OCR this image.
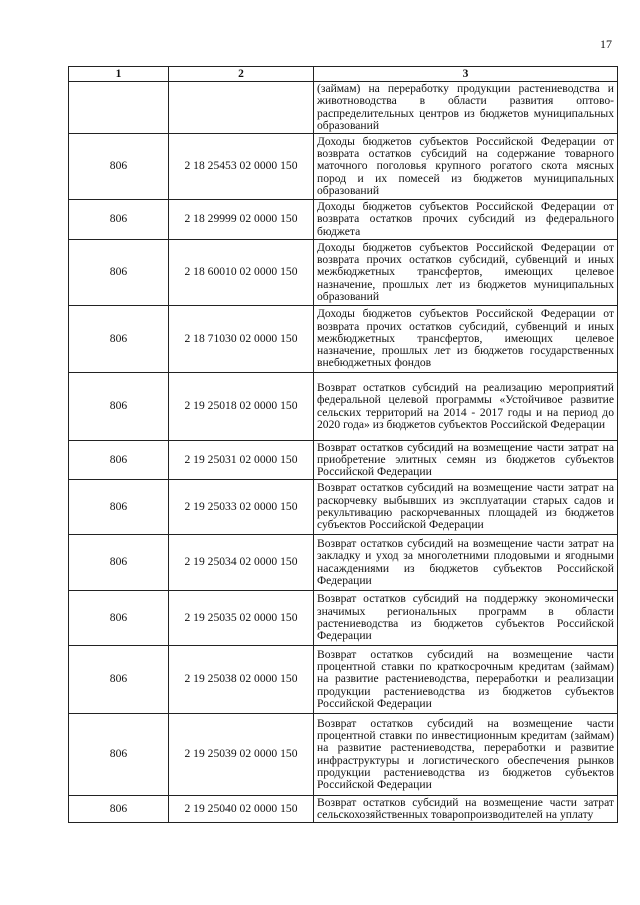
17
1	2	3
		(займам) на переработку продукции растениеводства и животноводства в области развития оптово-распределительных центров из бюджетов муниципальных образований
806	2 18 25453 02 0000 150	Доходы бюджетов субъектов Российской Федерации от возврата остатков субсидий на содержание товарного маточного поголовья крупного рогатого скота мясных пород и их помесей из бюджетов муниципальных образований
806	2 18 29999 02 0000 150	Доходы бюджетов субъектов Российской Федерации от возврата остатков прочих субсидий из федерального бюджета
806	2 18 60010 02 0000 150	Доходы бюджетов субъектов Российской Федерации от возврата прочих остатков субсидий, субвенций и иных межбюджетных трансфертов, имеющих целевое назначение, прошлых лет из бюджетов муниципальных образований
806	2 18 71030 02 0000 150	Доходы бюджетов субъектов Российской Федерации от возврата прочих остатков субсидий, субвенций и иных межбюджетных трансфертов, имеющих целевое назначение, прошлых лет из бюджетов государственных внебюджетных фондов
806	2 19 25018 02 0000 150	Возврат остатков субсидий на реализацию мероприятий федеральной целевой программы «Устойчивое развитие сельских территорий на 2014 - 2017 годы и на период до 2020 года» из бюджетов субъектов Российской Федерации
806	2 19 25031 02 0000 150	Возврат остатков субсидий на возмещение части затрат на приобретение элитных семян из бюджетов субъектов Российской Федерации
806	2 19 25033 02 0000 150	Возврат остатков субсидий на возмещение части затрат на раскорчевку выбывших из эксплуатации старых садов и рекультивацию раскорчеванных площадей из бюджетов субъектов Российской Федерации
806	2 19 25034 02 0000 150	Возврат остатков субсидий на возмещение части затрат на закладку и уход за многолетними плодовыми и ягодными насаждениями из бюджетов субъектов Российской Федерации
806	2 19 25035 02 0000 150	Возврат остатков субсидий на поддержку экономически значимых региональных программ в области растениеводства из бюджетов субъектов Российской Федерации
806	2 19 25038 02 0000 150	Возврат остатков субсидий на возмещение части процентной ставки по краткосрочным кредитам (займам) на развитие растениеводства, переработки и реализации продукции растениеводства из бюджетов субъектов Российской Федерации
806	2 19 25039 02 0000 150	Возврат остатков субсидий на возмещение части процентной ставки по инвестиционным кредитам (займам) на развитие растениеводства, переработки и развитие инфраструктуры и логистического обеспечения рынков продукции растениеводства из бюджетов субъектов Российской Федерации
806	2 19 25040 02 0000 150	Возврат остатков субсидий на возмещение части затрат сельскохозяйственных товаропроизводителей на уплату
